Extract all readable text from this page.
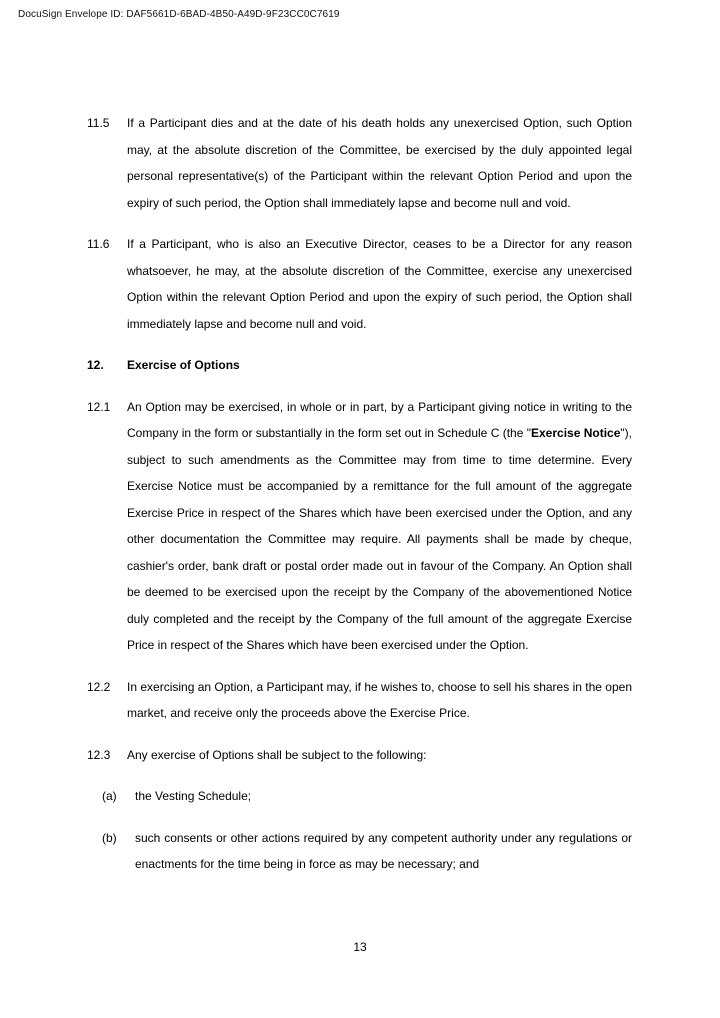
DocuSign Envelope ID: DAF5661D-6BAD-4B50-A49D-9F23CC0C7619
11.5	If a Participant dies and at the date of his death holds any unexercised Option, such Option may, at the absolute discretion of the Committee, be exercised by the duly appointed legal personal representative(s) of the Participant within the relevant Option Period and upon the expiry of such period, the Option shall immediately lapse and become null and void.
11.6	If a Participant, who is also an Executive Director, ceases to be a Director for any reason whatsoever, he may, at the absolute discretion of the Committee, exercise any unexercised Option within the relevant Option Period and upon the expiry of such period, the Option shall immediately lapse and become null and void.
12.	Exercise of Options
12.1	An Option may be exercised, in whole or in part, by a Participant giving notice in writing to the Company in the form or substantially in the form set out in Schedule C (the "Exercise Notice"), subject to such amendments as the Committee may from time to time determine. Every Exercise Notice must be accompanied by a remittance for the full amount of the aggregate Exercise Price in respect of the Shares which have been exercised under the Option, and any other documentation the Committee may require. All payments shall be made by cheque, cashier's order, bank draft or postal order made out in favour of the Company. An Option shall be deemed to be exercised upon the receipt by the Company of the abovementioned Notice duly completed and the receipt by the Company of the full amount of the aggregate Exercise Price in respect of the Shares which have been exercised under the Option.
12.2	In exercising an Option, a Participant may, if he wishes to, choose to sell his shares in the open market, and receive only the proceeds above the Exercise Price.
12.3	Any exercise of Options shall be subject to the following:
(a)	the Vesting Schedule;
(b)	such consents or other actions required by any competent authority under any regulations or enactments for the time being in force as may be necessary; and
13
